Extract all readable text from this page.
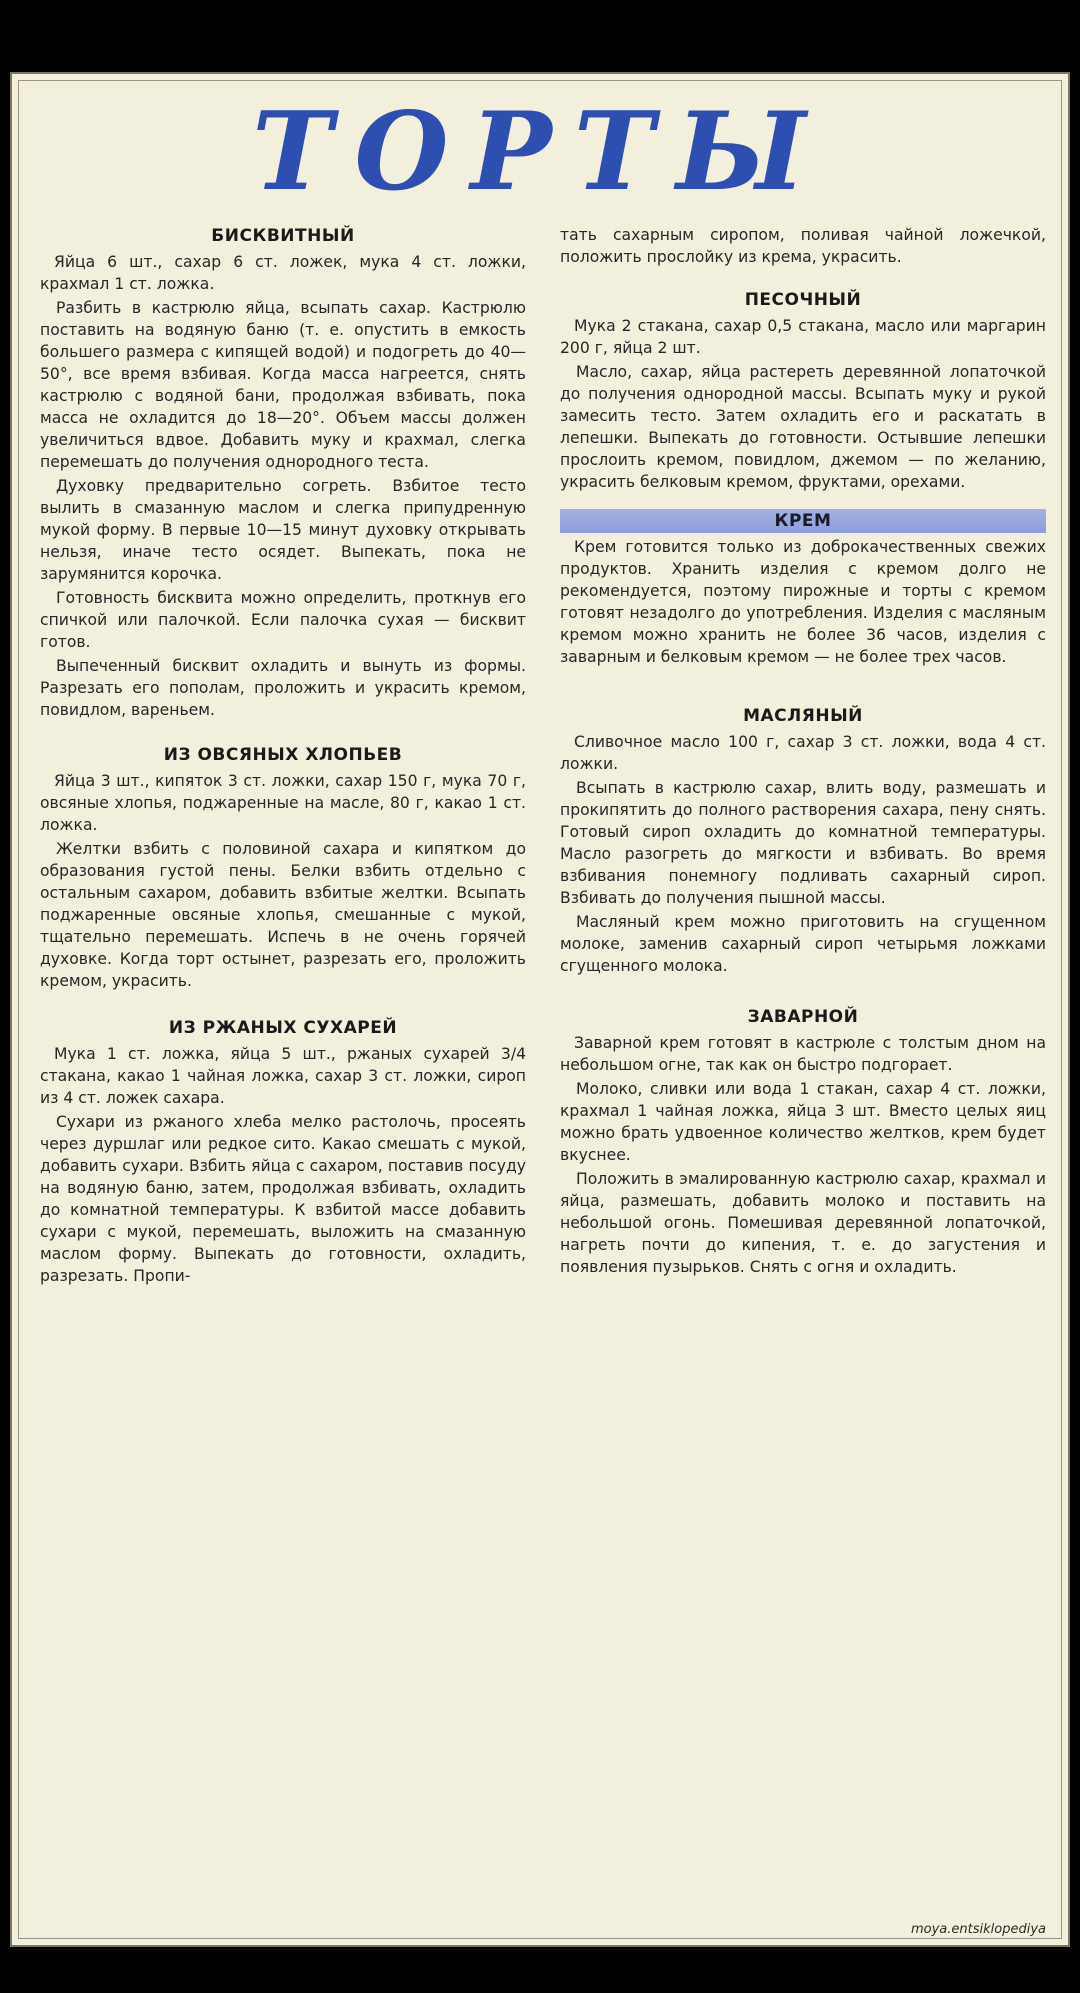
ТОРТЫ
БИСКВИТНЫЙ

Яйца 6 шт., сахар 6 ст. ложек, мука 4 ст. ложки, крахмал 1 ст. ложка.

Разбить в кастрюлю яйца, всыпать сахар. Кастрюлю поставить на водяную баню (т. е. опустить в емкость большего размера с кипящей водой) и подогреть до 40—50°, все время взбивая. Когда масса нагреется, снять кастрюлю с водяной бани, продолжая взбивать, пока масса не охладится до 18—20°. Объем массы должен увеличиться вдвое. Добавить муку и крахмал, слегка перемешать до получения однородного теста.

Духовку предварительно согреть. Взбитое тесто вылить в смазанную маслом и слегка припудренную мукой форму. В первые 10—15 минут духовку открывать нельзя, иначе тесто осядет. Выпекать, пока не зарумянится корочка.

Готовность бисквита можно определить, проткнув его спичкой или палочкой. Если палочка сухая — бисквит готов.

Выпеченный бисквит охладить и вынуть из формы. Разрезать его пополам, проложить и украсить кремом, повидлом, вареньем.

ИЗ ОВСЯНЫХ ХЛОПЬЕВ

Яйца 3 шт., кипяток 3 ст. ложки, сахар 150 г, мука 70 г, овсяные хлопья, поджаренные на масле, 80 г, какао 1 ст. ложка.

Желтки взбить с половиной сахара и кипятком до образования густой пены. Белки взбить отдельно с остальным сахаром, добавить взбитые желтки. Всыпать поджаренные овсяные хлопья, смешанные с мукой, тщательно перемешать. Испечь в не очень горячей духовке. Когда торт остынет, разрезать его, проложить кремом, украсить.

ИЗ РЖАНЫХ СУХАРЕЙ

Мука 1 ст. ложка, яйца 5 шт., ржаных сухарей 3/4 стакана, какао 1 чайная ложка, сахар 3 ст. ложки, сироп из 4 ст. ложек сахара.

Сухари из ржаного хлеба мелко растолочь, просеять через дуршлаг или редкое сито. Какао смешать с мукой, добавить сухари. Взбить яйца с сахаром, поставив посуду на водяную баню, затем, продолжая взбивать, охладить до комнатной температуры. К взбитой массе добавить сухари с мукой, перемешать, выложить на смазанную маслом форму. Выпекать до готовности, охладить, разрезать. Пропи-

тать сахарным сиропом, поливая чайной ложечкой, положить прослойку из крема, украсить.

ПЕСОЧНЫЙ

Мука 2 стакана, сахар 0,5 стакана, масло или маргарин 200 г, яйца 2 шт.

Масло, сахар, яйца растереть деревянной лопаточкой до получения однородной массы. Всыпать муку и рукой замесить тесто. Затем охладить его и раскатать в лепешки. Выпекать до готовности. Остывшие лепешки прослоить кремом, повидлом, джемом — по желанию, украсить белковым кремом, фруктами, орехами.

КРЕМ

Крем готовится только из доброкачественных свежих продуктов. Хранить изделия с кремом долго не рекомендуется, поэтому пирожные и торты с кремом готовят незадолго до употребления. Изделия с масляным кремом можно хранить не более 36 часов, изделия с заварным и белковым кремом — не более трех часов.

МАСЛЯНЫЙ

Сливочное масло 100 г, сахар 3 ст. ложки, вода 4 ст. ложки.

Всыпать в кастрюлю сахар, влить воду, размешать и прокипятить до полного растворения сахара, пену снять. Готовый сироп охладить до комнатной температуры. Масло разогреть до мягкости и взбивать. Во время взбивания понемногу подливать сахарный сироп. Взбивать до получения пышной массы.

Масляный крем можно приготовить на сгущенном молоке, заменив сахарный сироп четырьмя ложками сгущенного молока.

ЗАВАРНОЙ

Заварной крем готовят в кастрюле с толстым дном на небольшом огне, так как он быстро подгорает.

Молоко, сливки или вода 1 стакан, сахар 4 ст. ложки, крахмал 1 чайная ложка, яйца 3 шт. Вместо целых яиц можно брать удвоенное количество желтков, крем будет вкуснее.

Положить в эмалированную кастрюлю сахар, крахмал и яйца, размешать, добавить молоко и поставить на небольшой огонь. Помешивая деревянной лопаточкой, нагреть почти до кипения, т. е. до загустения и появления пузырьков. Снять с огня и охладить.

moya.entsiklopediya
